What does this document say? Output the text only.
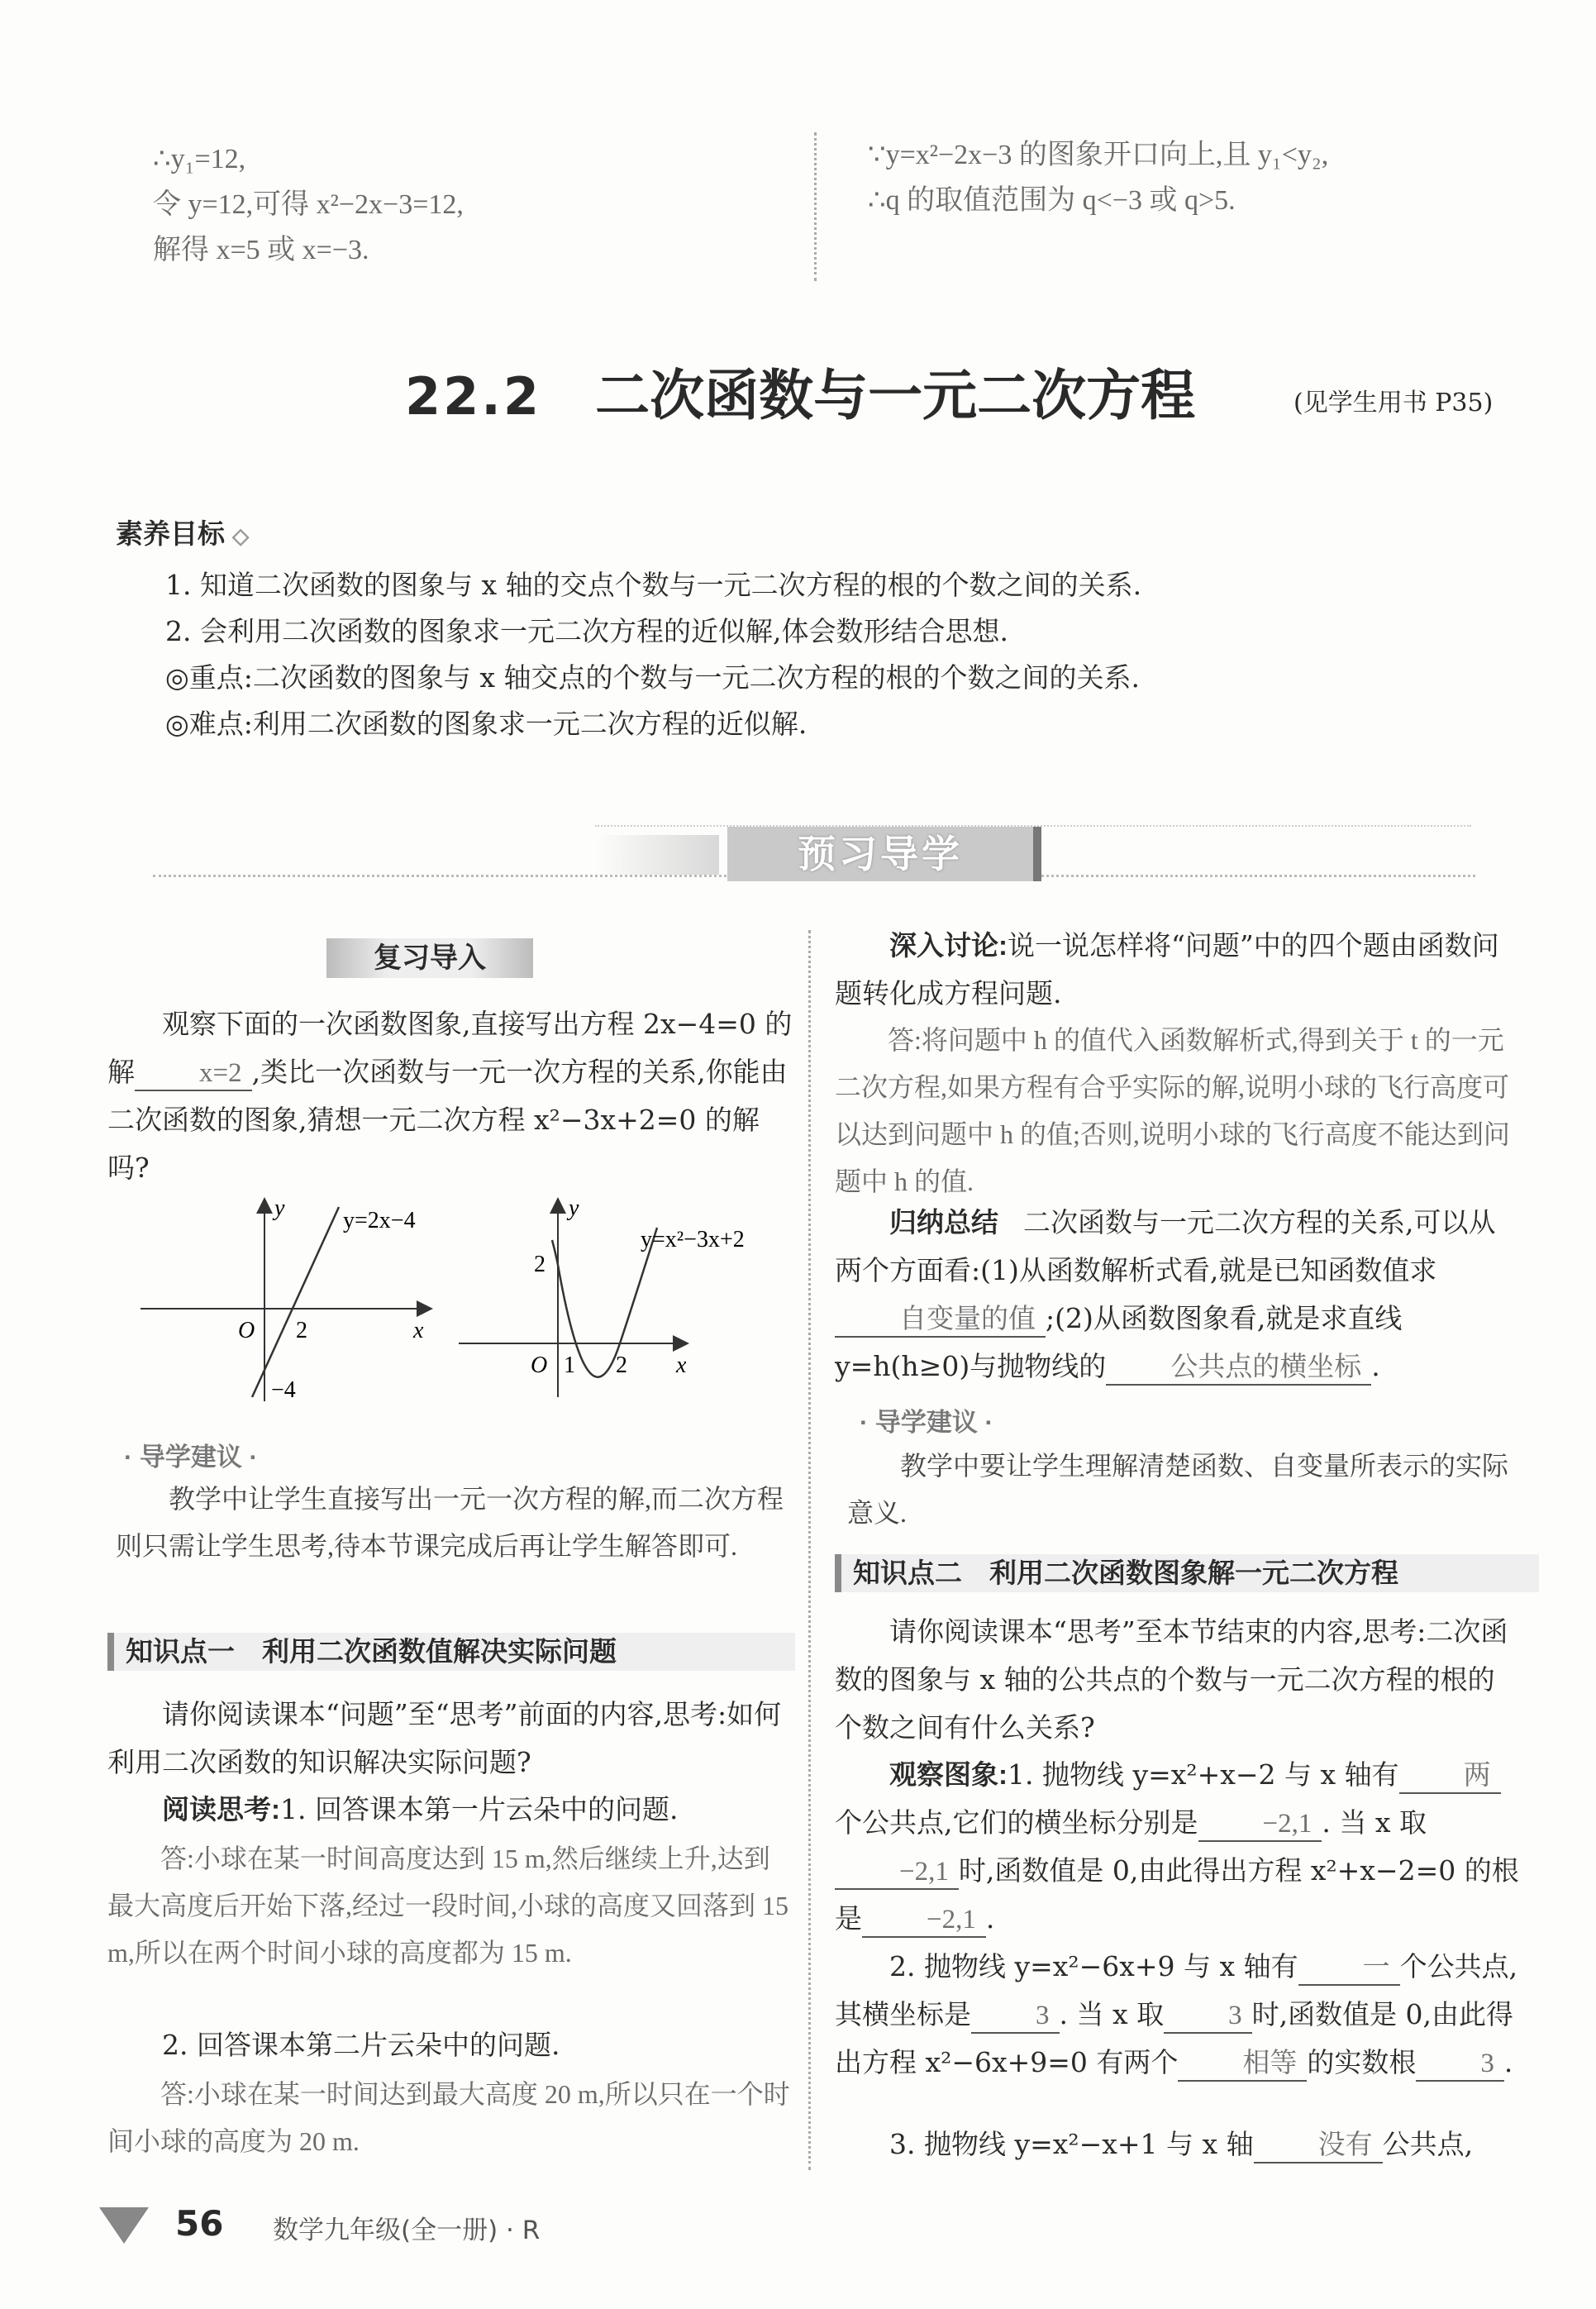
∴y₁=12,
令 y=12,可得 x²−2x−3=12,
解得 x=5 或 x=−3.
∵y=x²−2x−3 的图象开口向上,且 y₁<y₂,
∴q 的取值范围为 q<−3 或 q>5.
22.2 二次函数与一元二次方程	(见学生用书 P35)
素养目标 ◇
1. 知道二次函数的图象与 x 轴的交点个数与一元二次方程的根的个数之间的关系.
2. 会利用二次函数的图象求一元二次方程的近似解,体会数形结合思想.
◎重点:二次函数的图象与 x 轴交点的个数与一元二次方程的根的个数之间的关系.
◎难点:利用二次函数的图象求一元二次方程的近似解.
预习导学
复习导入
观察下面的一次函数图象,直接写出方程 2x−4=0 的解 x=2 ,类比一次函数与一元一次方程的关系,你能由二次函数的图象,猜想一元二次方程 x²−3x+2=0 的解吗?
y=2x−4
y
x
O 2
−4
y=x²−3x+2
y
x
O 1 2
2
· 导学建议 ·
教学中让学生直接写出一元一次方程的解,而二次方程则只需让学生思考,待本节课完成后再让学生解答即可.
知识点一　利用二次函数值解决实际问题
请你阅读课本“问题”至“思考”前面的内容,思考:如何利用二次函数的知识解决实际问题?
阅读思考:1. 回答课本第一片云朵中的问题.
答:小球在某一时间高度达到 15 m,然后继续上升,达到最大高度后开始下落,经过一段时间,小球的高度又回落到 15 m,所以在两个时间小球的高度都为 15 m.
2. 回答课本第二片云朵中的问题.
答:小球在某一时间达到最大高度 20 m,所以只在一个时间小球的高度为 20 m.
深入讨论:说一说怎样将“问题”中的四个题由函数问题转化成方程问题.
答:将问题中 h 的值代入函数解析式,得到关于 t 的一元二次方程,如果方程有合乎实际的解,说明小球的飞行高度可以达到问题中 h 的值;否则,说明小球的飞行高度不能达到问题中 h 的值.
归纳总结 二次函数与一元二次方程的关系,可以从两个方面看:(1)从函数解析式看,就是已知函数值求自变量的值 ;(2)从函数图象看,就是求直线 y=h(h≥0)与抛物线的 公共点的横坐标 .
· 导学建议 ·
教学中要让学生理解清楚函数、自变量所表示的实际意义.
知识点二　利用二次函数图象解一元二次方程
请你阅读课本“思考”至本节结束的内容,思考:二次函数的图象与 x 轴的公共点的个数与一元二次方程的根的个数之间有什么关系?
观察图象:1. 抛物线 y=x²+x−2 与 x 轴有 两个公共点,它们的横坐标分别是 −2,1 . 当 x 取−2,1 时,函数值是 0,由此得出方程 x²+x−2=0 的根是 −2,1 .
2. 抛物线 y=x²−6x+9 与 x 轴有 一 个公共点,其横坐标是 3 . 当 x 取 3 时,函数值是 0,由此得出方程 x²−6x+9=0 有两个 相等 的实数根 3 .
3. 抛物线 y=x²−x+1 与 x 轴 没有 公共点,
56 数学九年级(全一册) · R
